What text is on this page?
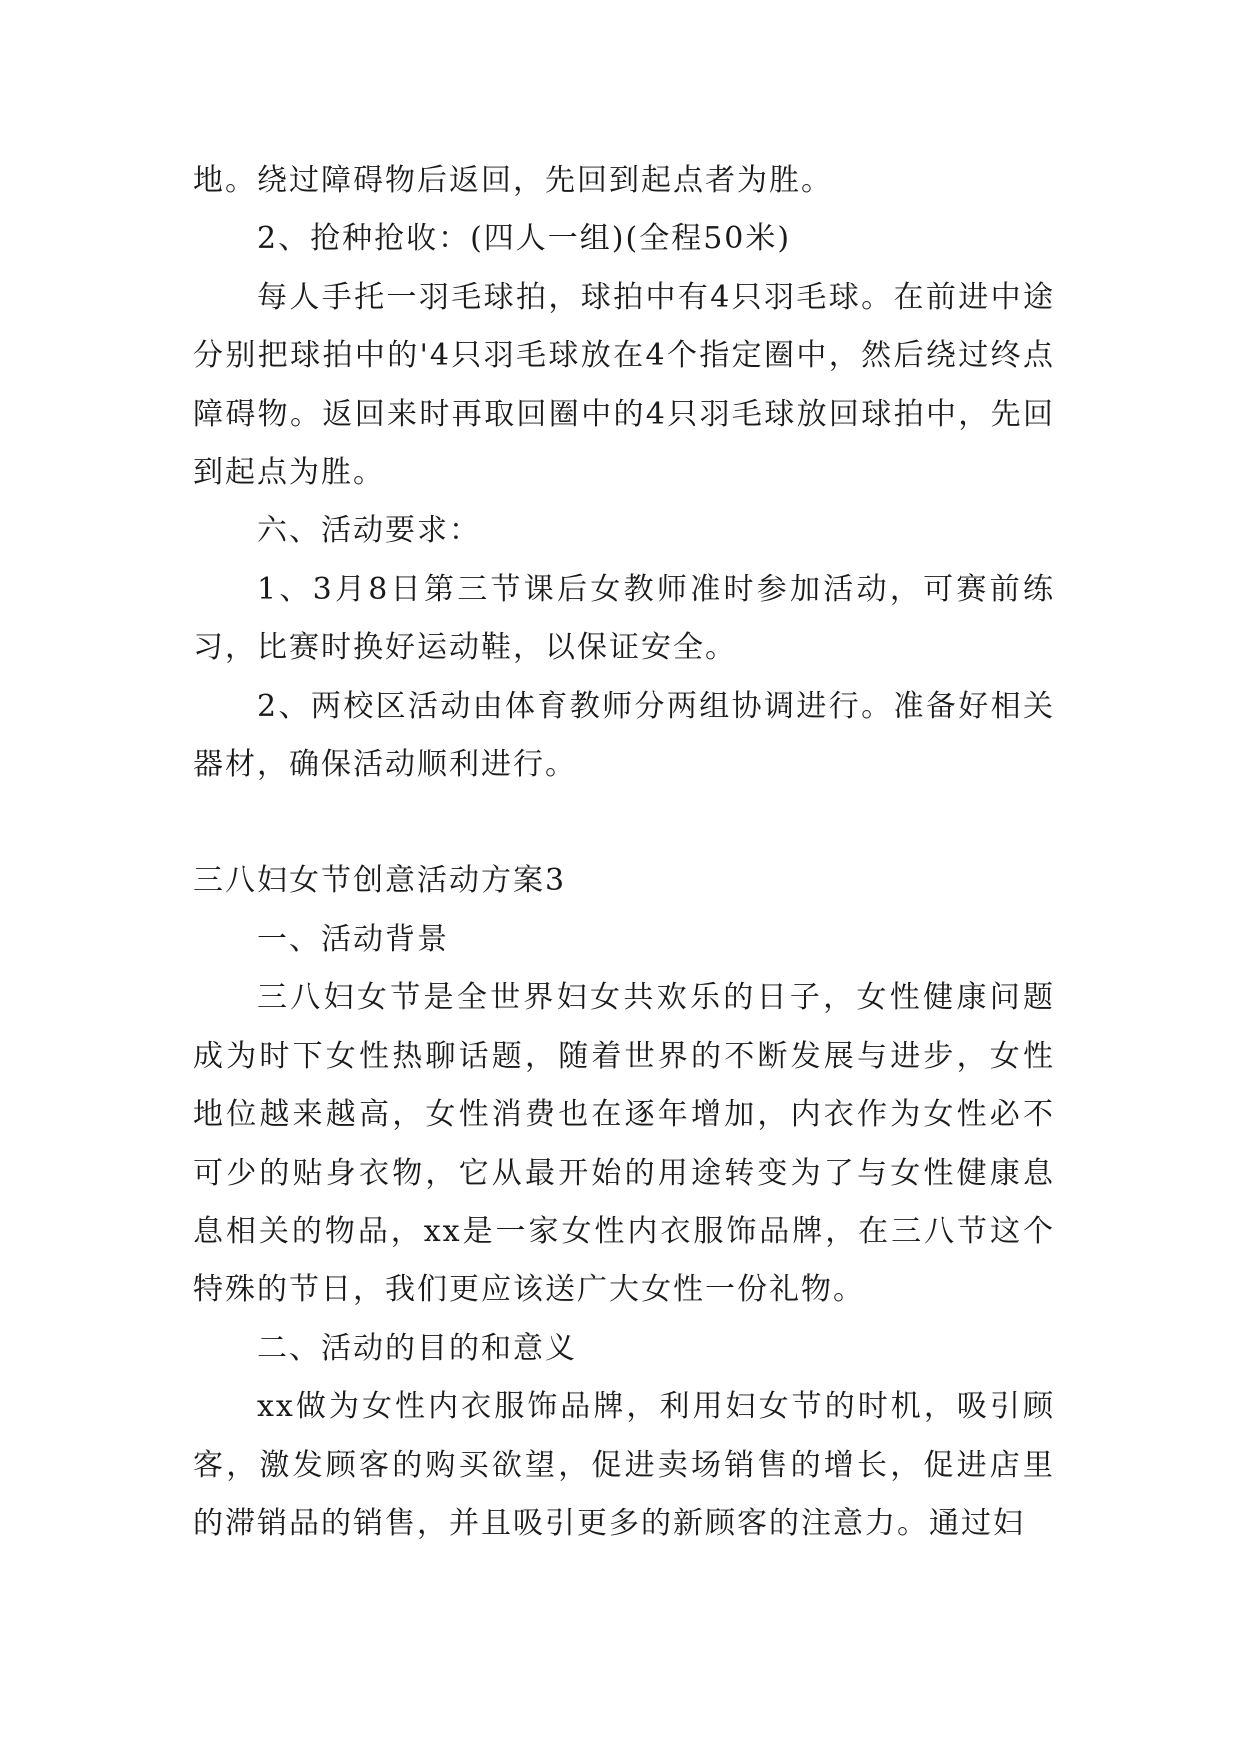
地。绕过障碍物后返回，先回到起点者为胜。

2、抢种抢收：(四人一组)(全程50米)

每人手托一羽毛球拍，球拍中有4只羽毛球。在前进中途分别把球拍中的'4只羽毛球放在4个指定圈中，然后绕过终点障碍物。返回来时再取回圈中的4只羽毛球放回球拍中，先回到起点为胜。

六、活动要求：

1、3月8日第三节课后女教师准时参加活动，可赛前练习，比赛时换好运动鞋，以保证安全。

2、两校区活动由体育教师分两组协调进行。准备好相关器材，确保活动顺利进行。

三八妇女节创意活动方案3

一、活动背景

三八妇女节是全世界妇女共欢乐的日子，女性健康问题成为时下女性热聊话题，随着世界的不断发展与进步，女性地位越来越高，女性消费也在逐年增加，内衣作为女性必不可少的贴身衣物，它从最开始的用途转变为了与女性健康息息相关的物品，xx是一家女性内衣服饰品牌，在三八节这个特殊的节日，我们更应该送广大女性一份礼物。

二、活动的目的和意义

xx做为女性内衣服饰品牌，利用妇女节的时机，吸引顾客，激发顾客的购买欲望，促进卖场销售的增长，促进店里的滞销品的销售，并且吸引更多的新顾客的注意力。通过妇
